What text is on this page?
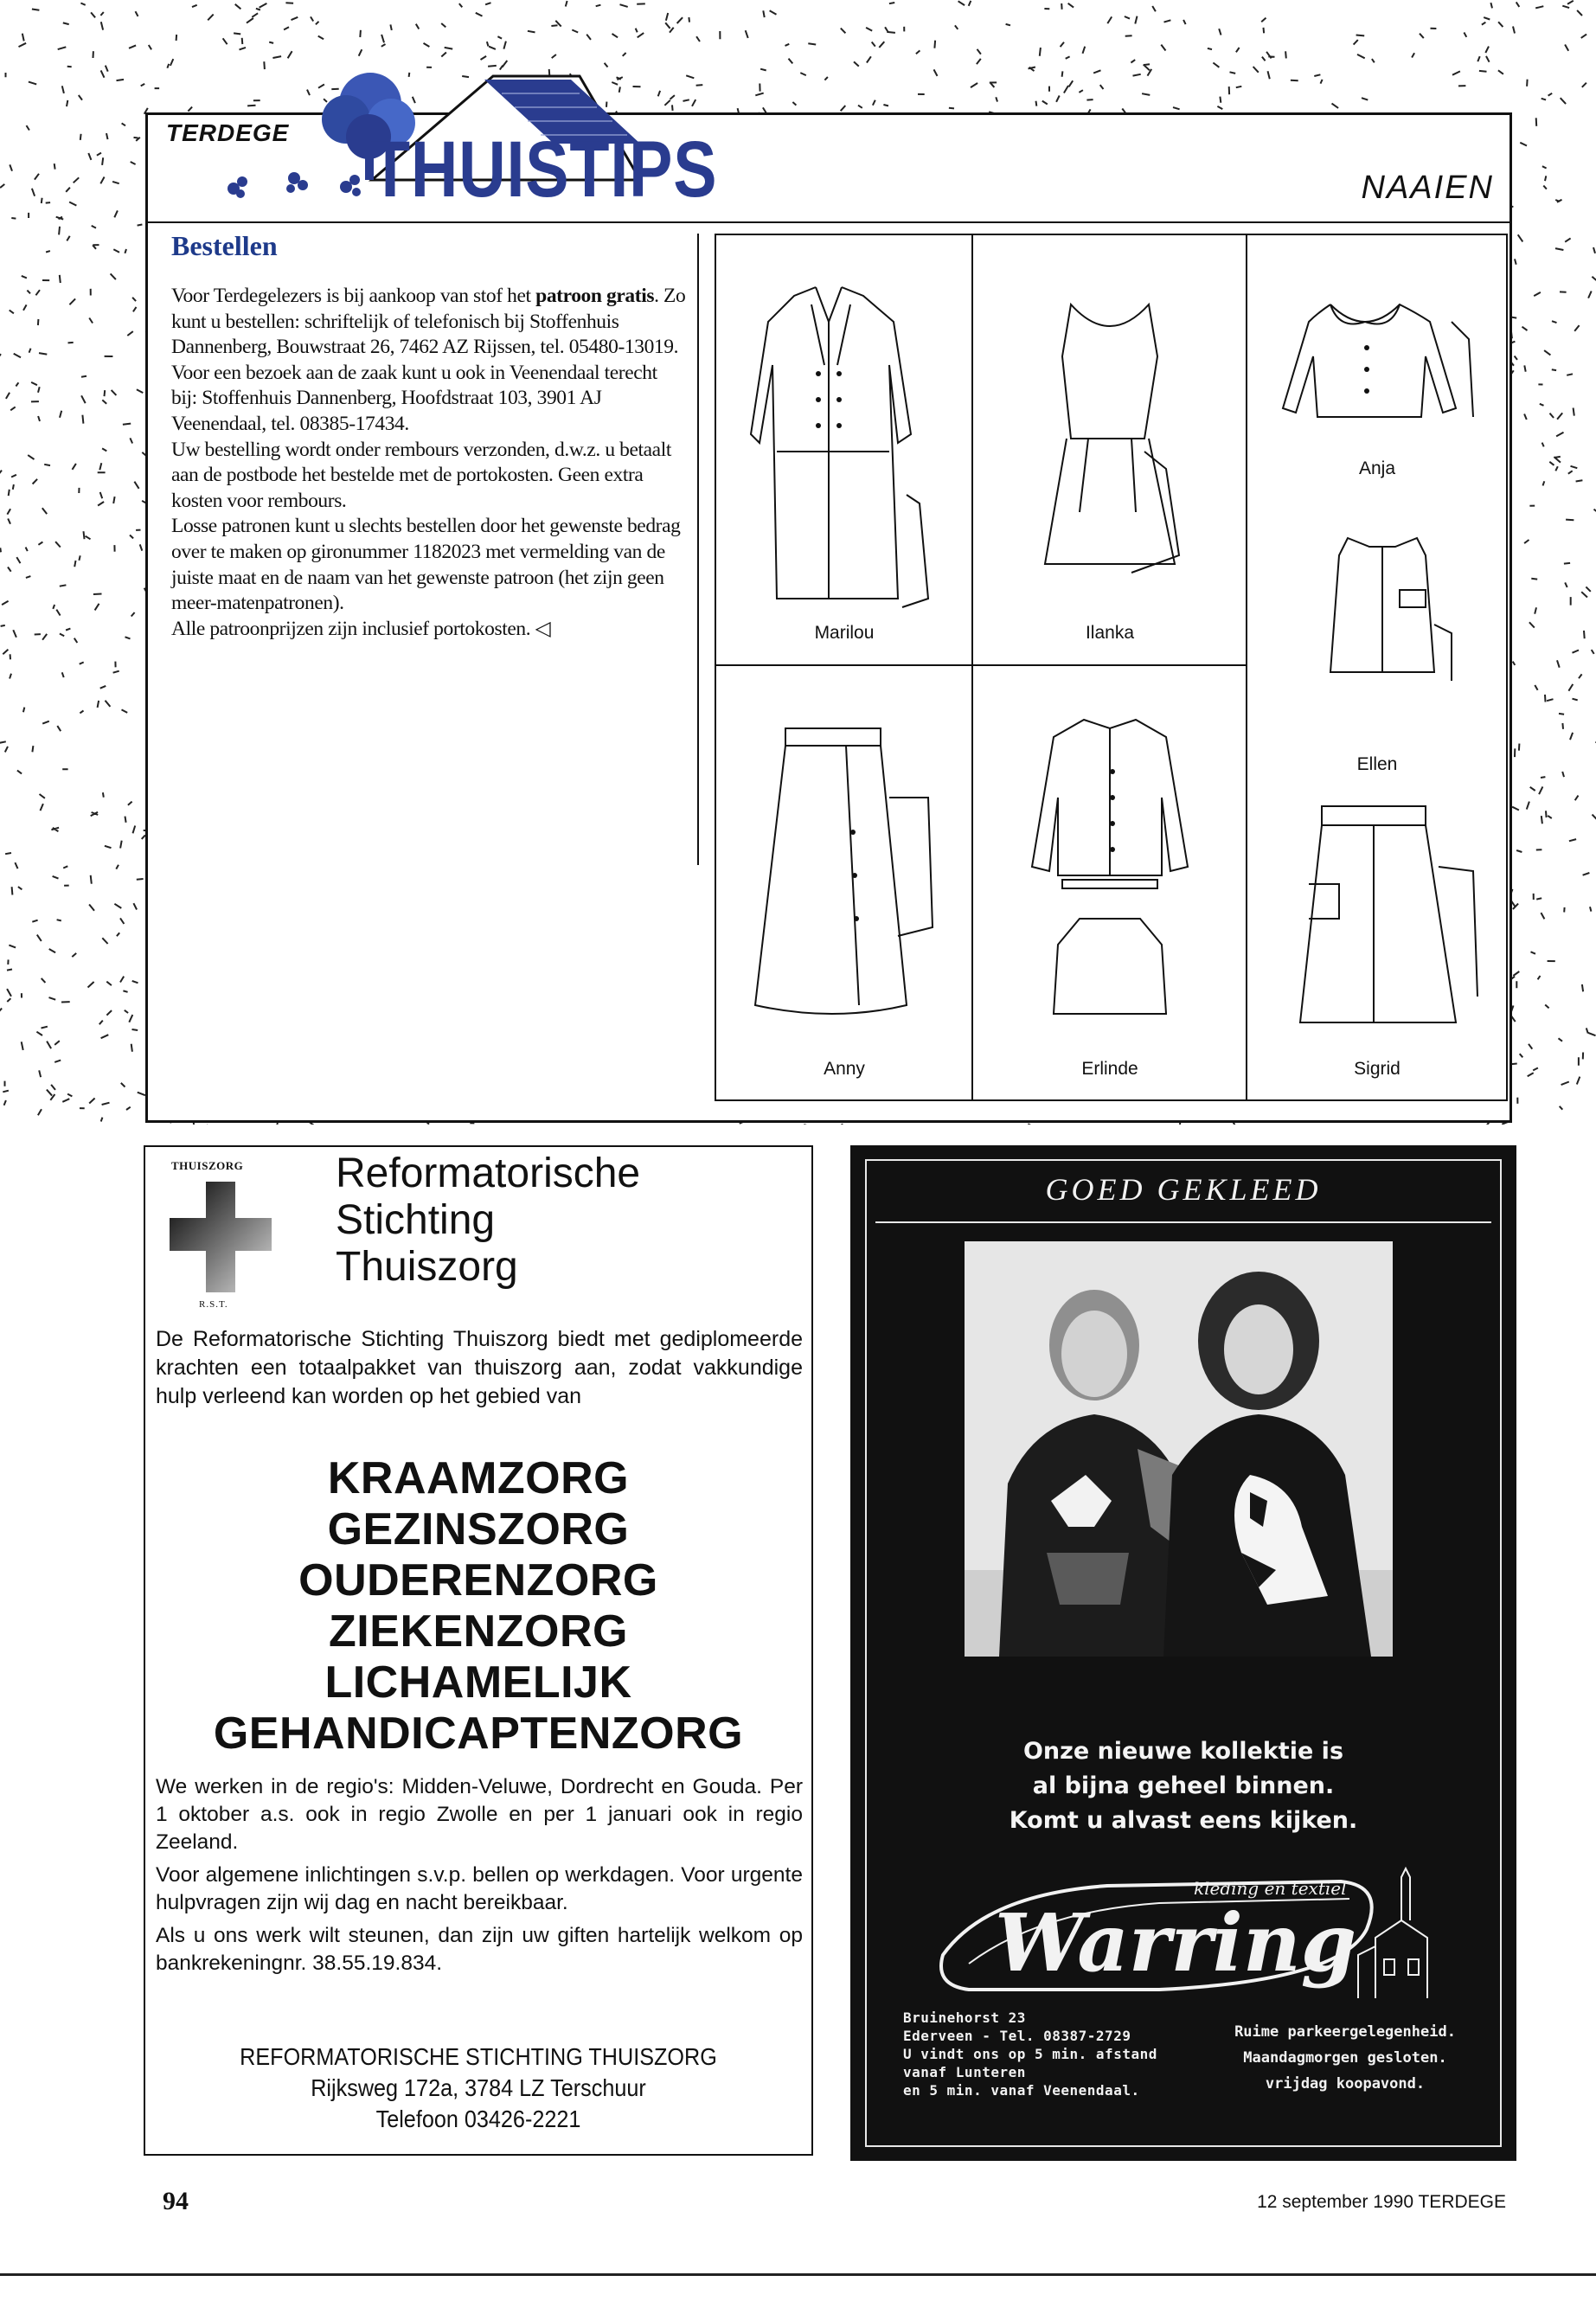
TERDEGE THUISTIPS	NAAIEN
Bestellen

Voor Terdegelezers is bij aankoop van stof het patroon gratis. Zo kunt u bestellen: schriftelijk of telefonisch bij Stoffenhuis Dannenberg, Bouwstraat 26, 7462 AZ Rijssen, tel. 05480-13019.

Voor een bezoek aan de zaak kunt u ook in Veenendaal terecht bij: Stoffenhuis Dannenberg, Hoofdstraat 103, 3901 AJ Veenendaal, tel. 08385-17434.

Uw bestelling wordt onder rembours verzonden, d.w.z. u betaalt aan de postbode het bestelde met de portokosten. Geen extra kosten voor rembours.

Losse patronen kunt u slechts bestellen door het gewenste bedrag over te maken op gironummer 1182023 met vermelding van de juiste maat en de naam van het gewenste patroon (het zijn geen meer-matenpatronen).

Alle patroonprijzen zijn inclusief portokosten. ◁	Marilou	Ilanka
Anja
Ellen
Anny	Erlinde	Sigrid
THUISZORG
R.S.T.
Reformatorische
Stichting
Thuiszorg
De Reformatorische Stichting Thuiszorg biedt met gediplomeerde krachten een totaalpakket van thuiszorg aan, zodat vakkundige hulp verleend kan worden op het gebied van
KRAAMZORG
GEZINSZORG
OUDERENZORG
ZIEKENZORG
LICHAMELIJK
GEHANDICAPTENZORG

We werken in de regio's: Midden-Veluwe, Dordrecht en Gouda. Per 1 oktober a.s. ook in regio Zwolle en per 1 januari ook in regio Zeeland.

Voor algemene inlichtingen s.v.p. bellen op werkdagen. Voor urgente hulpvragen zijn wij dag en nacht bereikbaar.

Als u ons werk wilt steunen, dan zijn uw giften hartelijk welkom op bankrekeningnr. 38.55.19.834.

REFORMATORISCHE STICHTING THUISZORG
Rijksweg 172a, 3784 LZ Terschuur
Telefoon 03426-2221
GOED GEKLEED
Onze nieuwe kollektie is
al bijna geheel binnen.
Komt u alvast eens kijken.
Warring
kleding en textiel
Bruinehorst 23
Ederveen - Tel. 08387-2729
U vindt ons op 5 min. afstand
vanaf Lunteren
en 5 min. vanaf Veenendaal.
Ruime parkeergelegenheid.
Maandagmorgen gesloten.
vrijdag koopavond.
94	12 september 1990 TERDEGE
